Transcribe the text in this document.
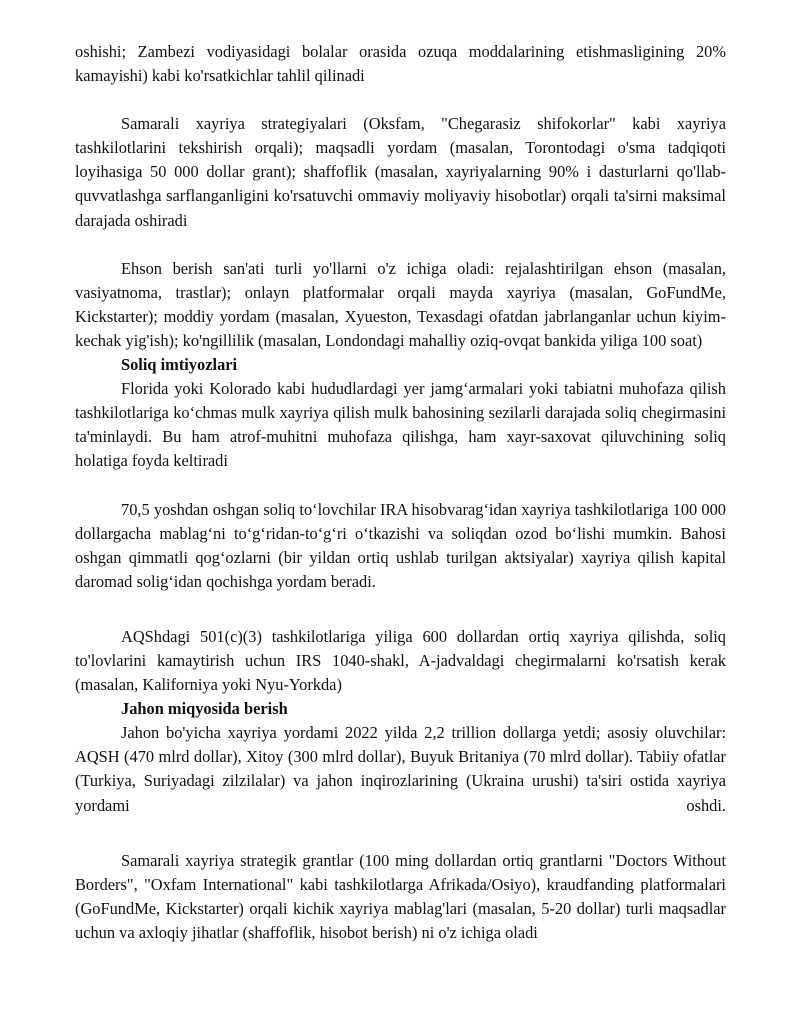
oshishi; Zambezi vodiyasidagi bolalar orasida ozuqa moddalarining etishmasligining 20% kamayishi) kabi ko'rsatkichlar tahlil qilinadi

Samarali xayriya strategiyalari (Oksfam, "Chegarasiz shifokorlar" kabi xayriya tashkilotlarini tekshirish orqali); maqsadli yordam (masalan, Torontodagi o'sma tadqiqoti loyihasiga 50 000 dollar grant); shaffoflik (masalan, xayriyalarning 90% i dasturlarni qo'llab-quvvatlashga sarflanganligini ko'rsatuvchi ommaviy moliyaviy hisobotlar) orqali ta'sirni maksimal darajada oshiradi

Ehson berish san'ati turli yo'llarni o'z ichiga oladi: rejalashtirilgan ehson (masalan, vasiyatnoma, trastlar); onlayn platformalar orqali mayda xayriya (masalan, GoFundMe, Kickstarter); moddiy yordam (masalan, Xyueston, Texasdagi ofatdan jabrlanganlar uchun kiyim-kechak yig'ish); ko'ngillilik (masalan, Londondagi mahalliy oziq-ovqat bankida yiliga 100 soat)

Soliq imtiyozlari

Florida yoki Kolorado kabi hududlardagi yer jamg‘armalari yoki tabiatni muhofaza qilish tashkilotlariga ko‘chmas mulk xayriya qilish mulk bahosining sezilarli darajada soliq chegirmasini ta'minlaydi. Bu ham atrof-muhitni muhofaza qilishga, ham xayr-saxovat qiluvchining soliq holatiga foyda keltiradi

70,5 yoshdan oshgan soliq to‘lovchilar IRA hisobvarag‘idan xayriya tashkilotlariga 100 000 dollargacha mablag‘ni to‘g‘ridan-to‘g‘ri o‘tkazishi va soliqdan ozod bo‘lishi mumkin. Bahosi oshgan qimmatli qog‘ozlarni (bir yildan ortiq ushlab turilgan aktsiyalar) xayriya qilish kapital daromad solig‘idan qochishga yordam beradi.

AQShdagi 501(c)(3) tashkilotlariga yiliga 600 dollardan ortiq xayriya qilishda, soliq to'lovlarini kamaytirish uchun IRS 1040-shakl, A-jadvaldagi chegirmalarni ko'rsatish kerak (masalan, Kaliforniya yoki Nyu-Yorkda)

Jahon miqyosida berish

Jahon bo'yicha xayriya yordami 2022 yilda 2,2 trillion dollarga yetdi; asosiy oluvchilar: AQSH (470 mlrd dollar), Xitoy (300 mlrd dollar), Buyuk Britaniya (70 mlrd dollar). Tabiiy ofatlar (Turkiya, Suriyadagi zilzilalar) va jahon inqirozlarining (Ukraina urushi) ta'siri ostida xayriya yordami oshdi.

Samarali xayriya strategik grantlar (100 ming dollardan ortiq grantlarni "Doctors Without Borders", "Oxfam International" kabi tashkilotlarga Afrikada/Osiyo), kraudfanding platformalari (GoFundMe, Kickstarter) orqali kichik xayriya mablag'lari (masalan, 5-20 dollar) turli maqsadlar uchun va axloqiy jihatlar (shaffoflik, hisobot berish) ni o'z ichiga oladi
